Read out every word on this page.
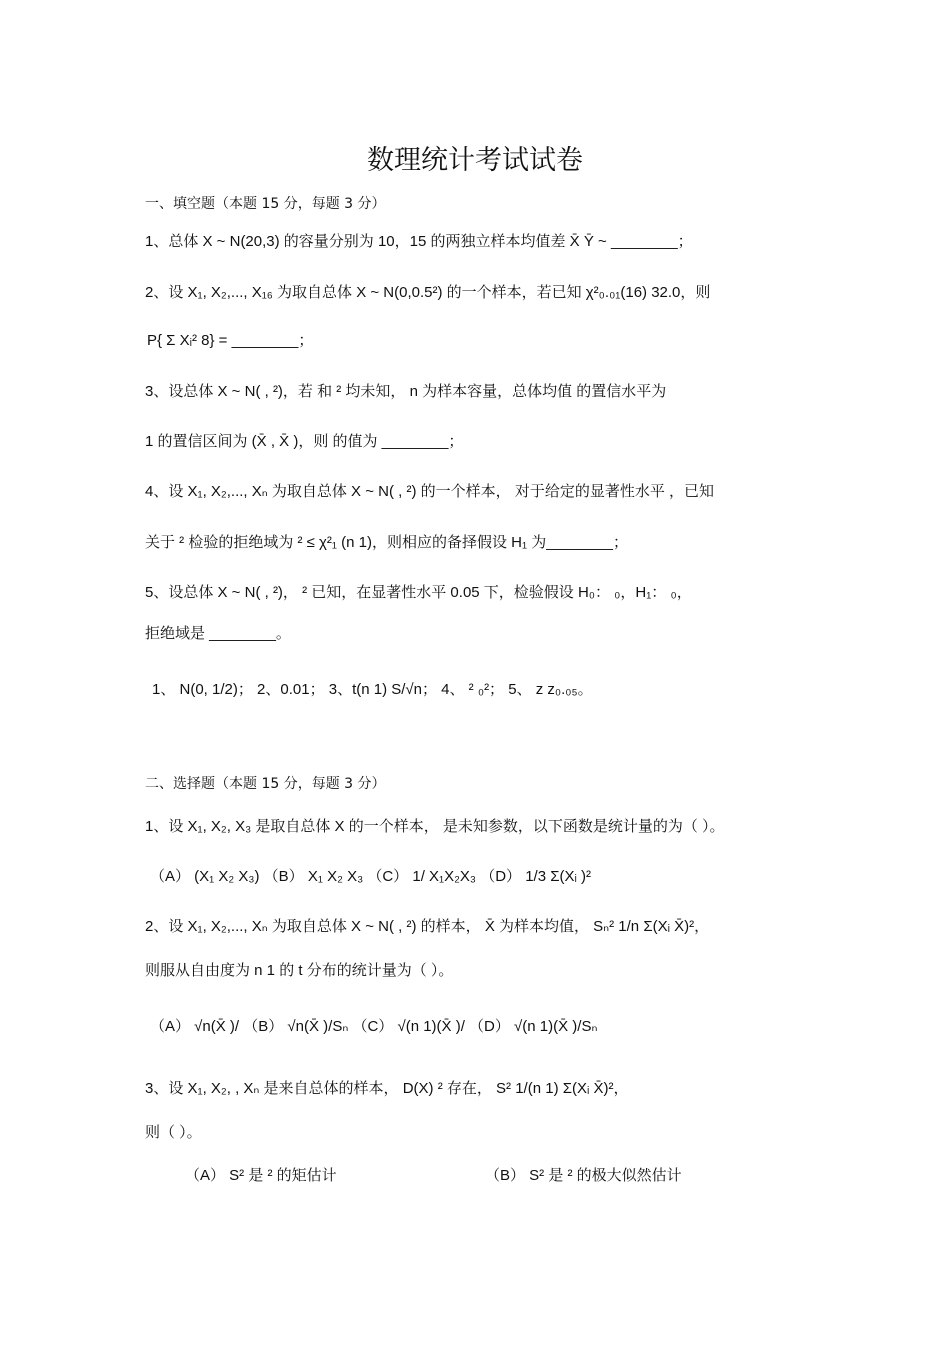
数理统计考试试卷
一、填空题（本题 15 分，每题 3 分）
1、总体 X ~ N(20,3) 的容量分别为 10，15 的两独立样本均值差 X̄ Ȳ ~ ________；
2、设 X₁, X₂,..., X₁₆ 为取自总体 X ~ N(0,0.5²) 的一个样本，若已知 χ²₀.₀₁(16) 32.0，则
P{ Σ Xᵢ² 8} = ________；
3、设总体 X ~ N( , ²)，若 和 ² 均未知， n 为样本容量，总体均值 的置信水平为
1 的置信区间为 (X̄ , X̄ )，则 的值为 ________；
4、设 X₁, X₂,..., Xₙ 为取自总体 X ~ N( , ²) 的一个样本， 对于给定的显著性水平 ，已知
关于 ² 检验的拒绝域为 ² ≤ χ²₁ (n 1)，则相应的备择假设 H₁ 为________；
5、设总体 X ~ N( , ²)， ² 已知，在显著性水平 0.05 下，检验假设 H₀： ₀，H₁： ₀，
拒绝域是 ________。
1、 N(0, 1/2)； 2、0.01； 3、t(n 1) S/√n； 4、 ² ₀²； 5、 z z₀.₀₅。
二、选择题（本题 15 分，每题 3 分）
1、设 X₁, X₂, X₃ 是取自总体 X 的一个样本， 是未知参数，以下函数是统计量的为（ ）。
（A） (X₁ X₂ X₃) （B） X₁ X₂ X₃ （C） 1/ X₁X₂X₃ （D） 1/3 Σ(Xᵢ )²
2、设 X₁, X₂,..., Xₙ 为取自总体 X ~ N( , ²) 的样本， X̄ 为样本均值， Sₙ² 1/n Σ(Xᵢ X̄)²，
则服从自由度为 n 1 的 t 分布的统计量为（ ）。
（A） √n(X̄ )/ （B） √n(X̄ )/Sₙ （C） √(n 1)(X̄ )/ （D） √(n 1)(X̄ )/Sₙ
3、设 X₁, X₂, , Xₙ 是来自总体的样本， D(X) ² 存在， S² 1/(n 1) Σ(Xᵢ X̄)²，
则（ ）。
（A） S² 是 ² 的矩估计	（B） S² 是 ² 的极大似然估计
